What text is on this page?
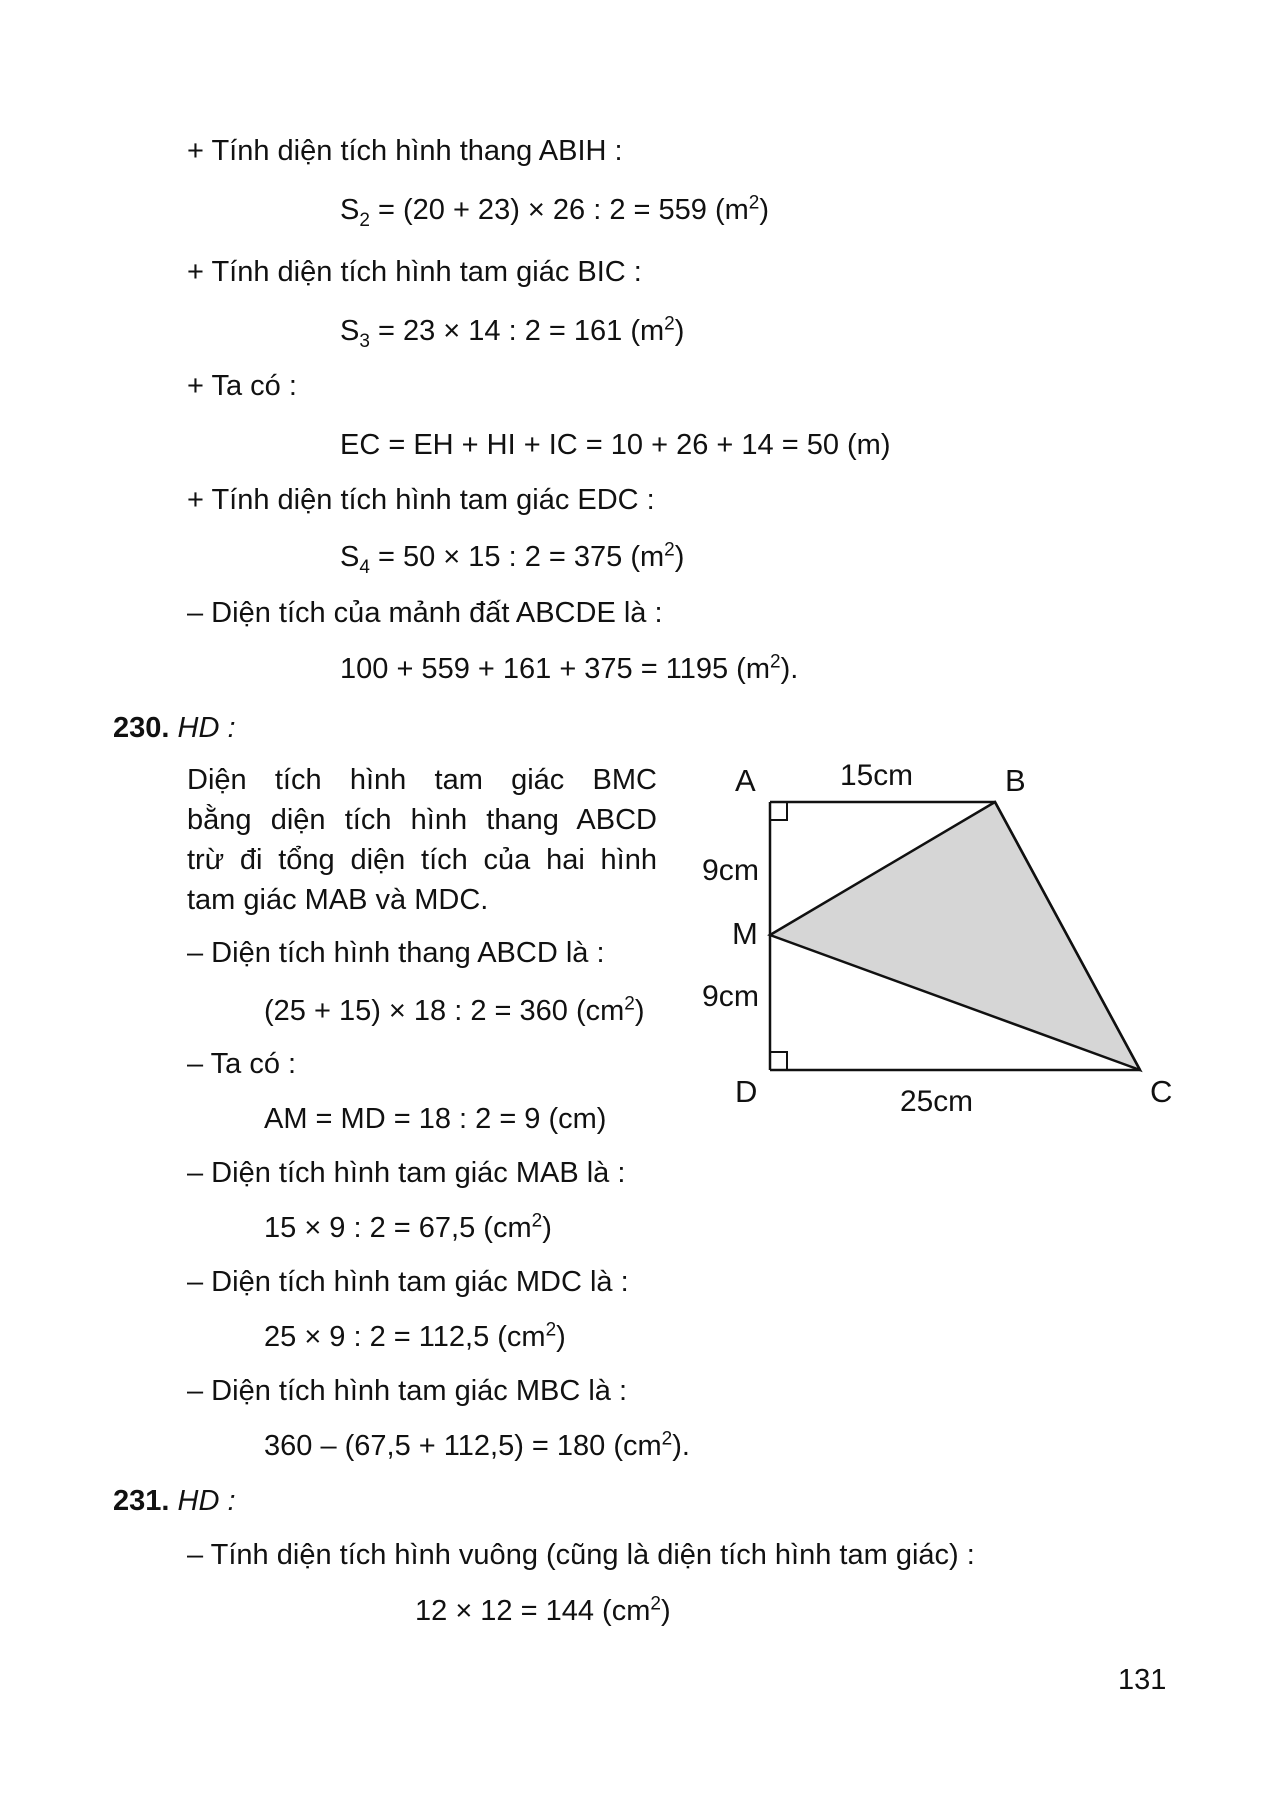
+ Tính diện tích hình thang ABIH :
$S_2 = (20 + 23) \times 26$ : 2 = 559 $(m^2)$
+ Tính diện tích hình tam giác BIC :
$S_3 = 23 \times 14$ : 2 = 161 $(m^2)$
+ Ta có :
EC = EH + HI + IC = 10 + 26 + 14 = 50 (m)
+ Tính diện tích hình tam giác EDC :
$S_4 = 50 \times 15$ : 2 = 375 $(m^2)$
– Diện tích của mảnh đất ABCDE là :
100 + 559 + 161 + 375 = 1195 $(m^2)$.
230. HD :
Diện tích hình tam giác BMC
bằng diện tích hình thang ABCD
trừ đi tổng diện tích của hai hình
tam giác MAB và MDC.
– Diện tích hình thang ABCD là :
(25 + 15) × 18 : 2 = 360 $(cm^2)$
– Ta có :
AM = MD = 18 : 2 = 9 (cm)
– Diện tích hình tam giác MAB là :
15 × 9 : 2 = 67,5 $(cm^2)$
– Diện tích hình tam giác MDC là :
25 × 9 : 2 = 112,5 $(cm^2)$
– Diện tích hình tam giác MBC là :
360 – (67,5 + 112,5) = 180 $(cm^2)$.
A	B
M
D	C
15cm
9cm
9cm
25cm
231. HD :
– Tính diện tích hình vuông (cũng là diện tích hình tam giác) :
12 × 12 = 144 $(cm^2)$
131
